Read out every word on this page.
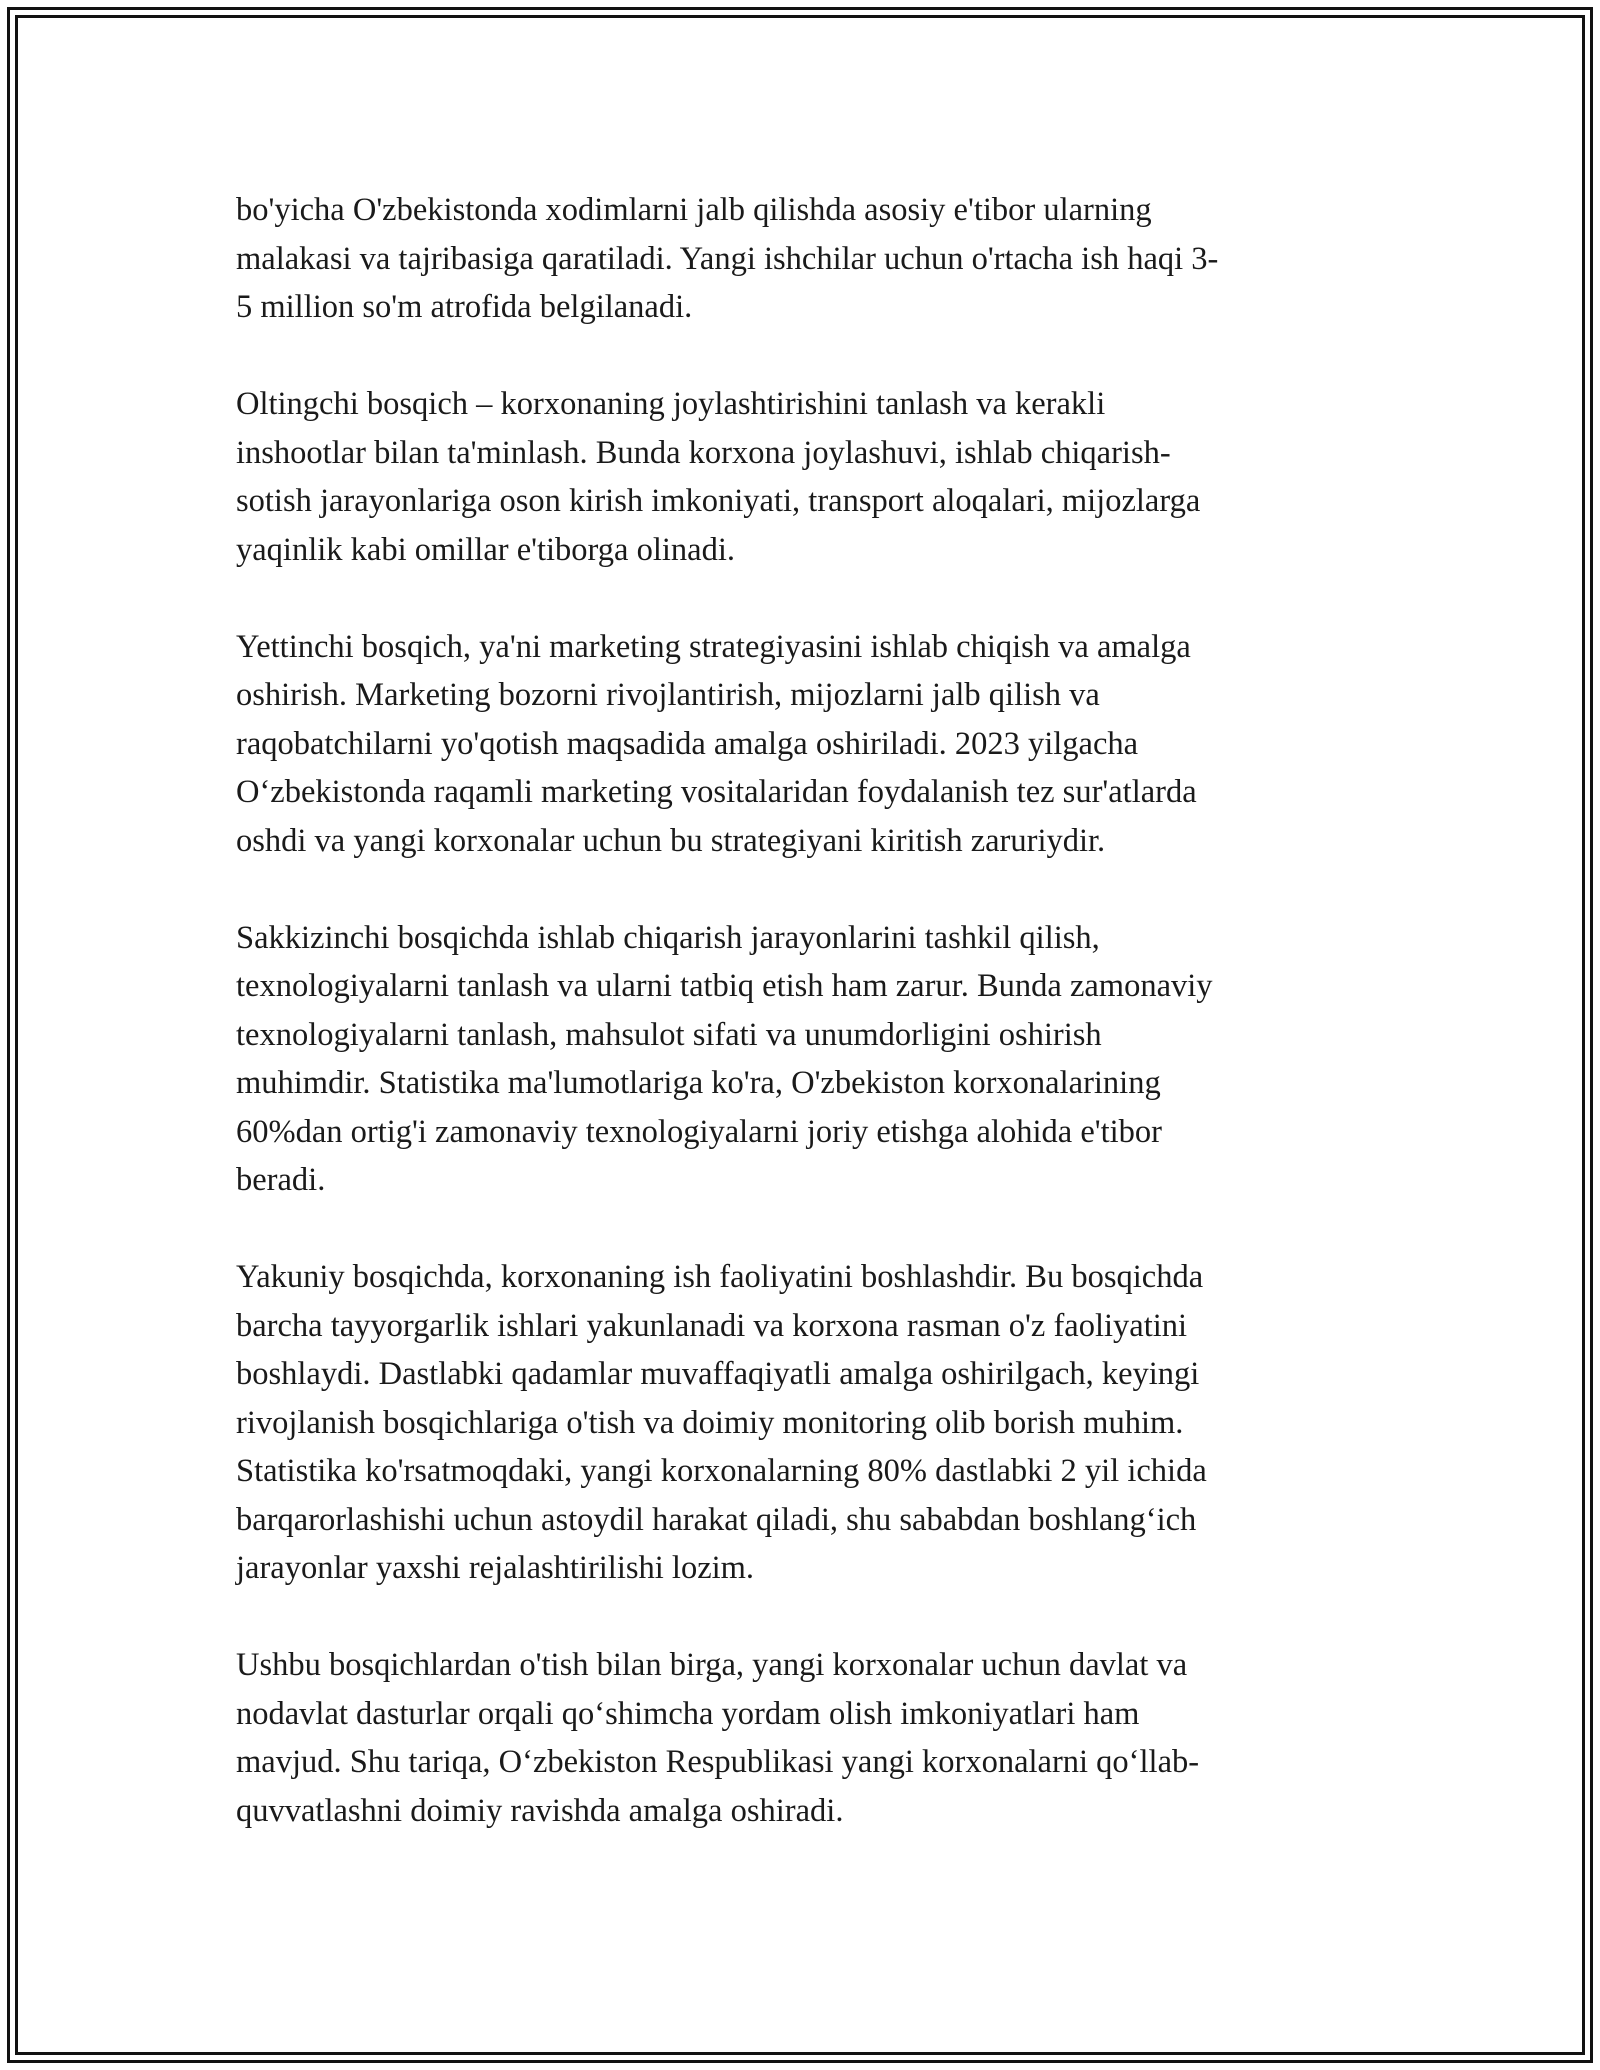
bo'yicha O'zbekistonda xodimlarni jalb qilishda asosiy e'tibor ularning
malakasi va tajribasiga qaratiladi. Yangi ishchilar uchun o'rtacha ish haqi 3-
5 million so'm atrofida belgilanadi.

Oltingchi bosqich – korxonaning joylashtirishini tanlash va kerakli
inshootlar bilan ta'minlash. Bunda korxona joylashuvi, ishlab chiqarish-
sotish jarayonlariga oson kirish imkoniyati, transport aloqalari, mijozlarga
yaqinlik kabi omillar e'tiborga olinadi.

Yettinchi bosqich, ya'ni marketing strategiyasini ishlab chiqish va amalga
oshirish. Marketing bozorni rivojlantirish, mijozlarni jalb qilish va
raqobatchilarni yo'qotish maqsadida amalga oshiriladi. 2023 yilgacha
O‘zbekistonda raqamli marketing vositalaridan foydalanish tez sur'atlarda
oshdi va yangi korxonalar uchun bu strategiyani kiritish zaruriydir.

Sakkizinchi bosqichda ishlab chiqarish jarayonlarini tashkil qilish,
texnologiyalarni tanlash va ularni tatbiq etish ham zarur. Bunda zamonaviy
texnologiyalarni tanlash, mahsulot sifati va unumdorligini oshirish
muhimdir. Statistika ma'lumotlariga ko'ra, O'zbekiston korxonalarining
60%dan ortig'i zamonaviy texnologiyalarni joriy etishga alohida e'tibor
beradi.

Yakuniy bosqichda, korxonaning ish faoliyatini boshlashdir. Bu bosqichda
barcha tayyorgarlik ishlari yakunlanadi va korxona rasman o'z faoliyatini
boshlaydi. Dastlabki qadamlar muvaffaqiyatli amalga oshirilgach, keyingi
rivojlanish bosqichlariga o'tish va doimiy monitoring olib borish muhim.
Statistika ko'rsatmoqdaki, yangi korxonalarning 80% dastlabki 2 yil ichida
barqarorlashishi uchun astoydil harakat qiladi, shu sababdan boshlang‘ich
jarayonlar yaxshi rejalashtirilishi lozim.

Ushbu bosqichlardan o'tish bilan birga, yangi korxonalar uchun davlat va
nodavlat dasturlar orqali qo‘shimcha yordam olish imkoniyatlari ham
mavjud. Shu tariqa, O‘zbekiston Respublikasi yangi korxonalarni qo‘llab-
quvvatlashni doimiy ravishda amalga oshiradi.
